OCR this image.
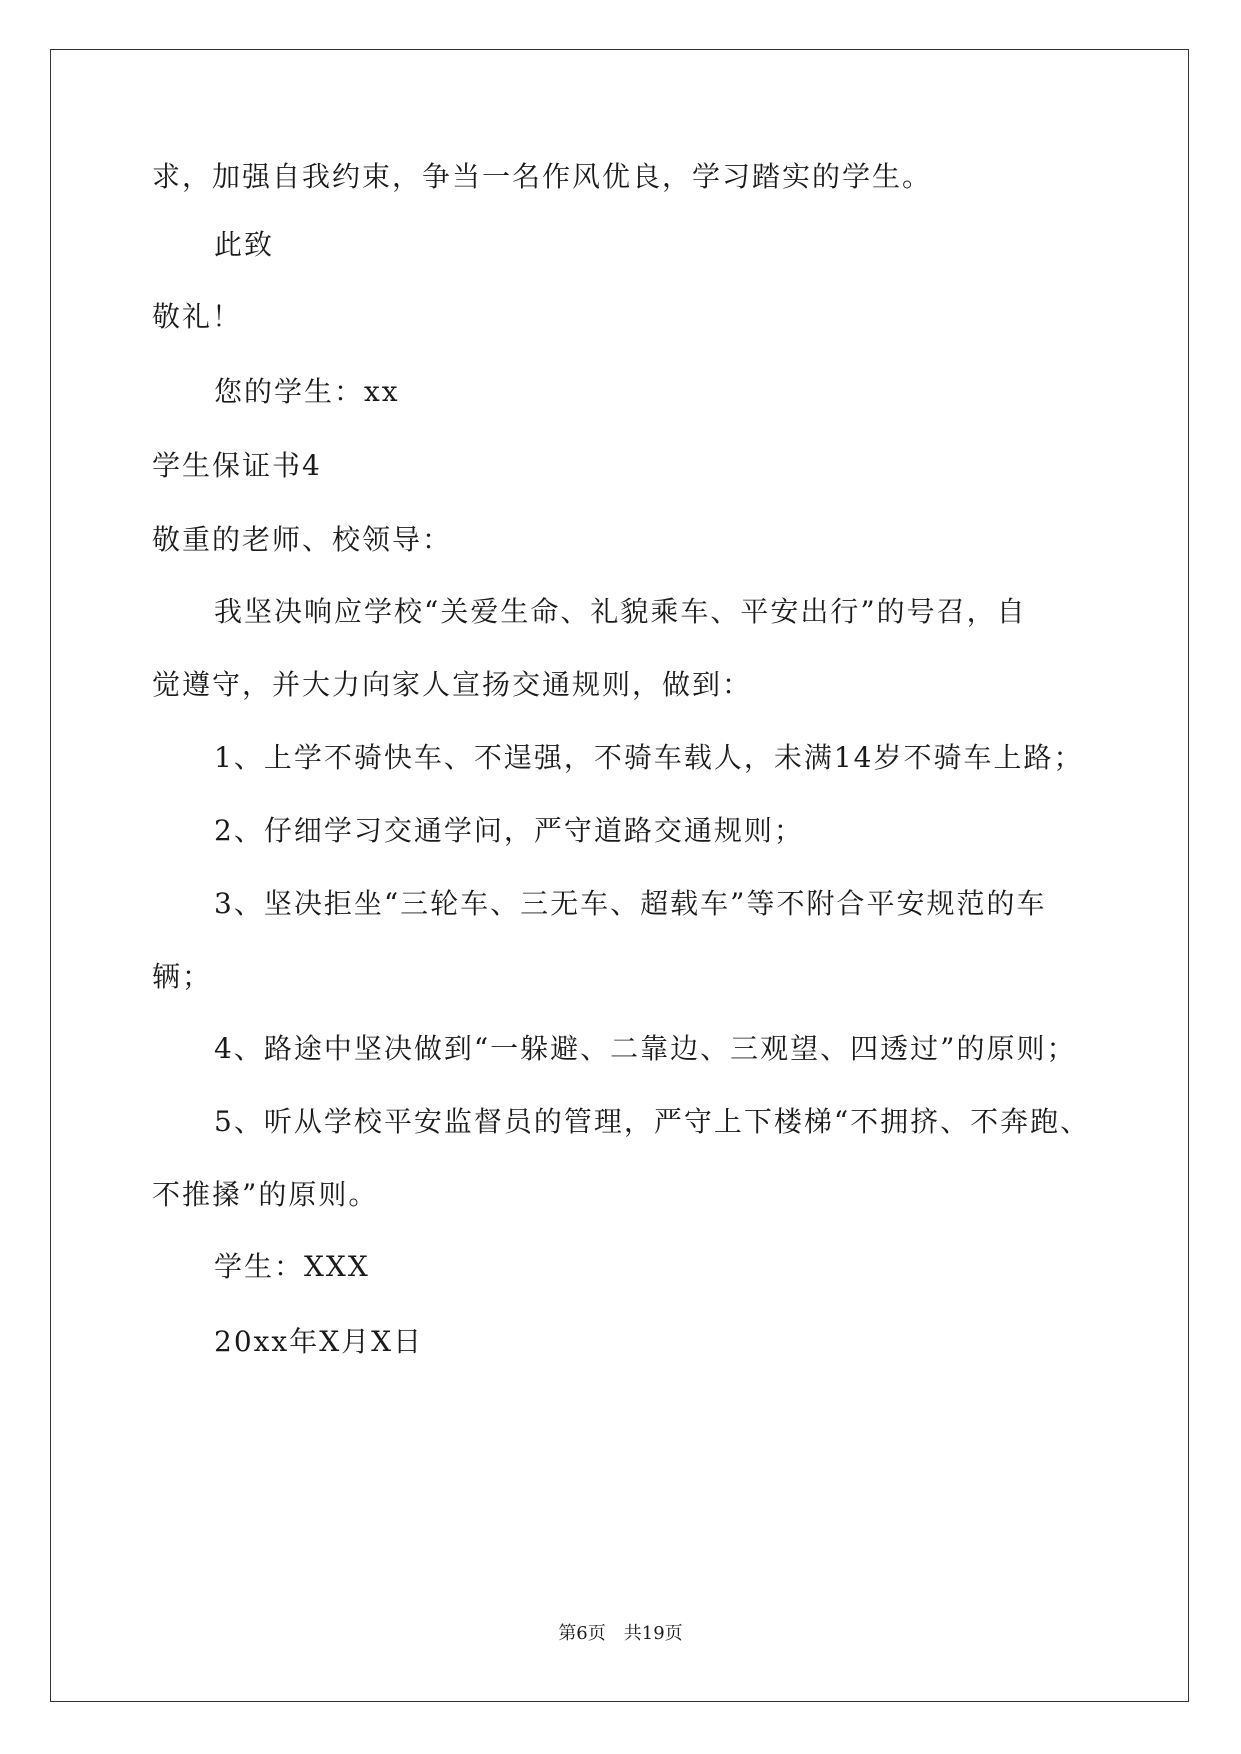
求，加强自我约束，争当一名作风优良，学习踏实的学生。
此致
敬礼！
您的学生：xx
学生保证书4
敬重的老师、校领导：
我坚决响应学校“关爱生命、礼貌乘车、平安出行”的号召，自
觉遵守，并大力向家人宣扬交通规则，做到：
1、上学不骑快车、不逞强，不骑车载人，未满14岁不骑车上路；
2、仔细学习交通学问，严守道路交通规则；
3、坚决拒坐“三轮车、三无车、超载车”等不附合平安规范的车
辆；
4、路途中坚决做到“一躲避、二靠边、三观望、四透过”的原则；
5、听从学校平安监督员的管理，严守上下楼梯“不拥挤、不奔跑、
不推搡”的原则。
学生：XXX
20xx年X月X日
第6页　共19页
